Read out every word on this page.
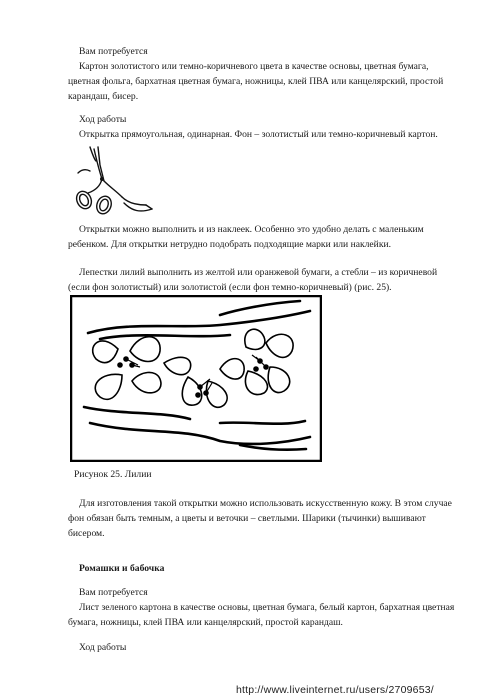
Вам потребуется

Картон золотистого или темно-коричневого цвета в качестве основы, цветная бумага, цветная фольга, бархатная цветная бумага, ножницы, клей ПВА или канцелярский, простой карандаш, бисер.

Ход работы

Открытка прямоугольная, одинарная. Фон – золотистый или темно-коричневый картон.

Открытки можно выполнить и из наклеек. Особенно это удобно делать с маленьким ребенком. Для открытки нетрудно подобрать подходящие марки или наклейки.

Лепестки лилий выполнить из желтой или оранжевой бумаги, а стебли – из коричневой (если фон золотистый) или золотистой (если фон темно-коричневый) (рис. 25).

Рисунок 25. Лилии

Для изготовления такой открытки можно использовать искусственную кожу. В этом случае фон обязан быть темным, а цветы и веточки – светлыми. Шарики (тычинки) вышивают бисером.

Ромашки и бабочка

Вам потребуется

Лист зеленого картона в качестве основы, цветная бумага, белый картон, бархатная цветная бумага, ножницы, клей ПВА или канцелярский, простой карандаш.

Ход работы

http://www.liveinternet.ru/users/2709653/
